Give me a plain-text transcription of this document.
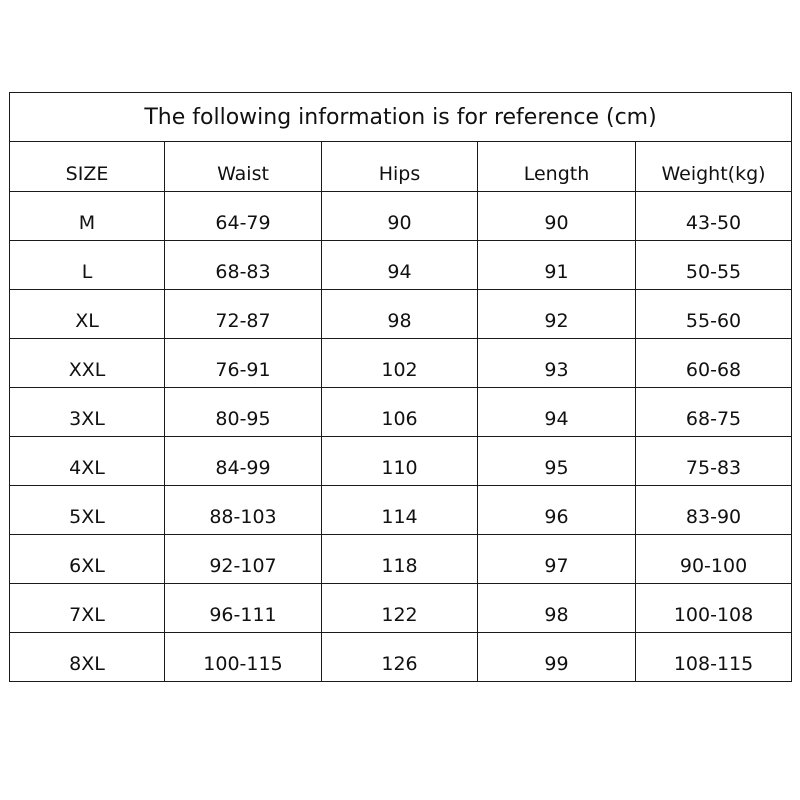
The following information is for reference (cm)				
SIZE	Waist	Hips	Length	Weight(kg)
M	64-79	90	90	43-50
L	68-83	94	91	50-55
XL	72-87	98	92	55-60
XXL	76-91	102	93	60-68
3XL	80-95	106	94	68-75
4XL	84-99	110	95	75-83
5XL	88-103	114	96	83-90
6XL	92-107	118	97	90-100
7XL	96-111	122	98	100-108
8XL	100-115	126	99	108-115
